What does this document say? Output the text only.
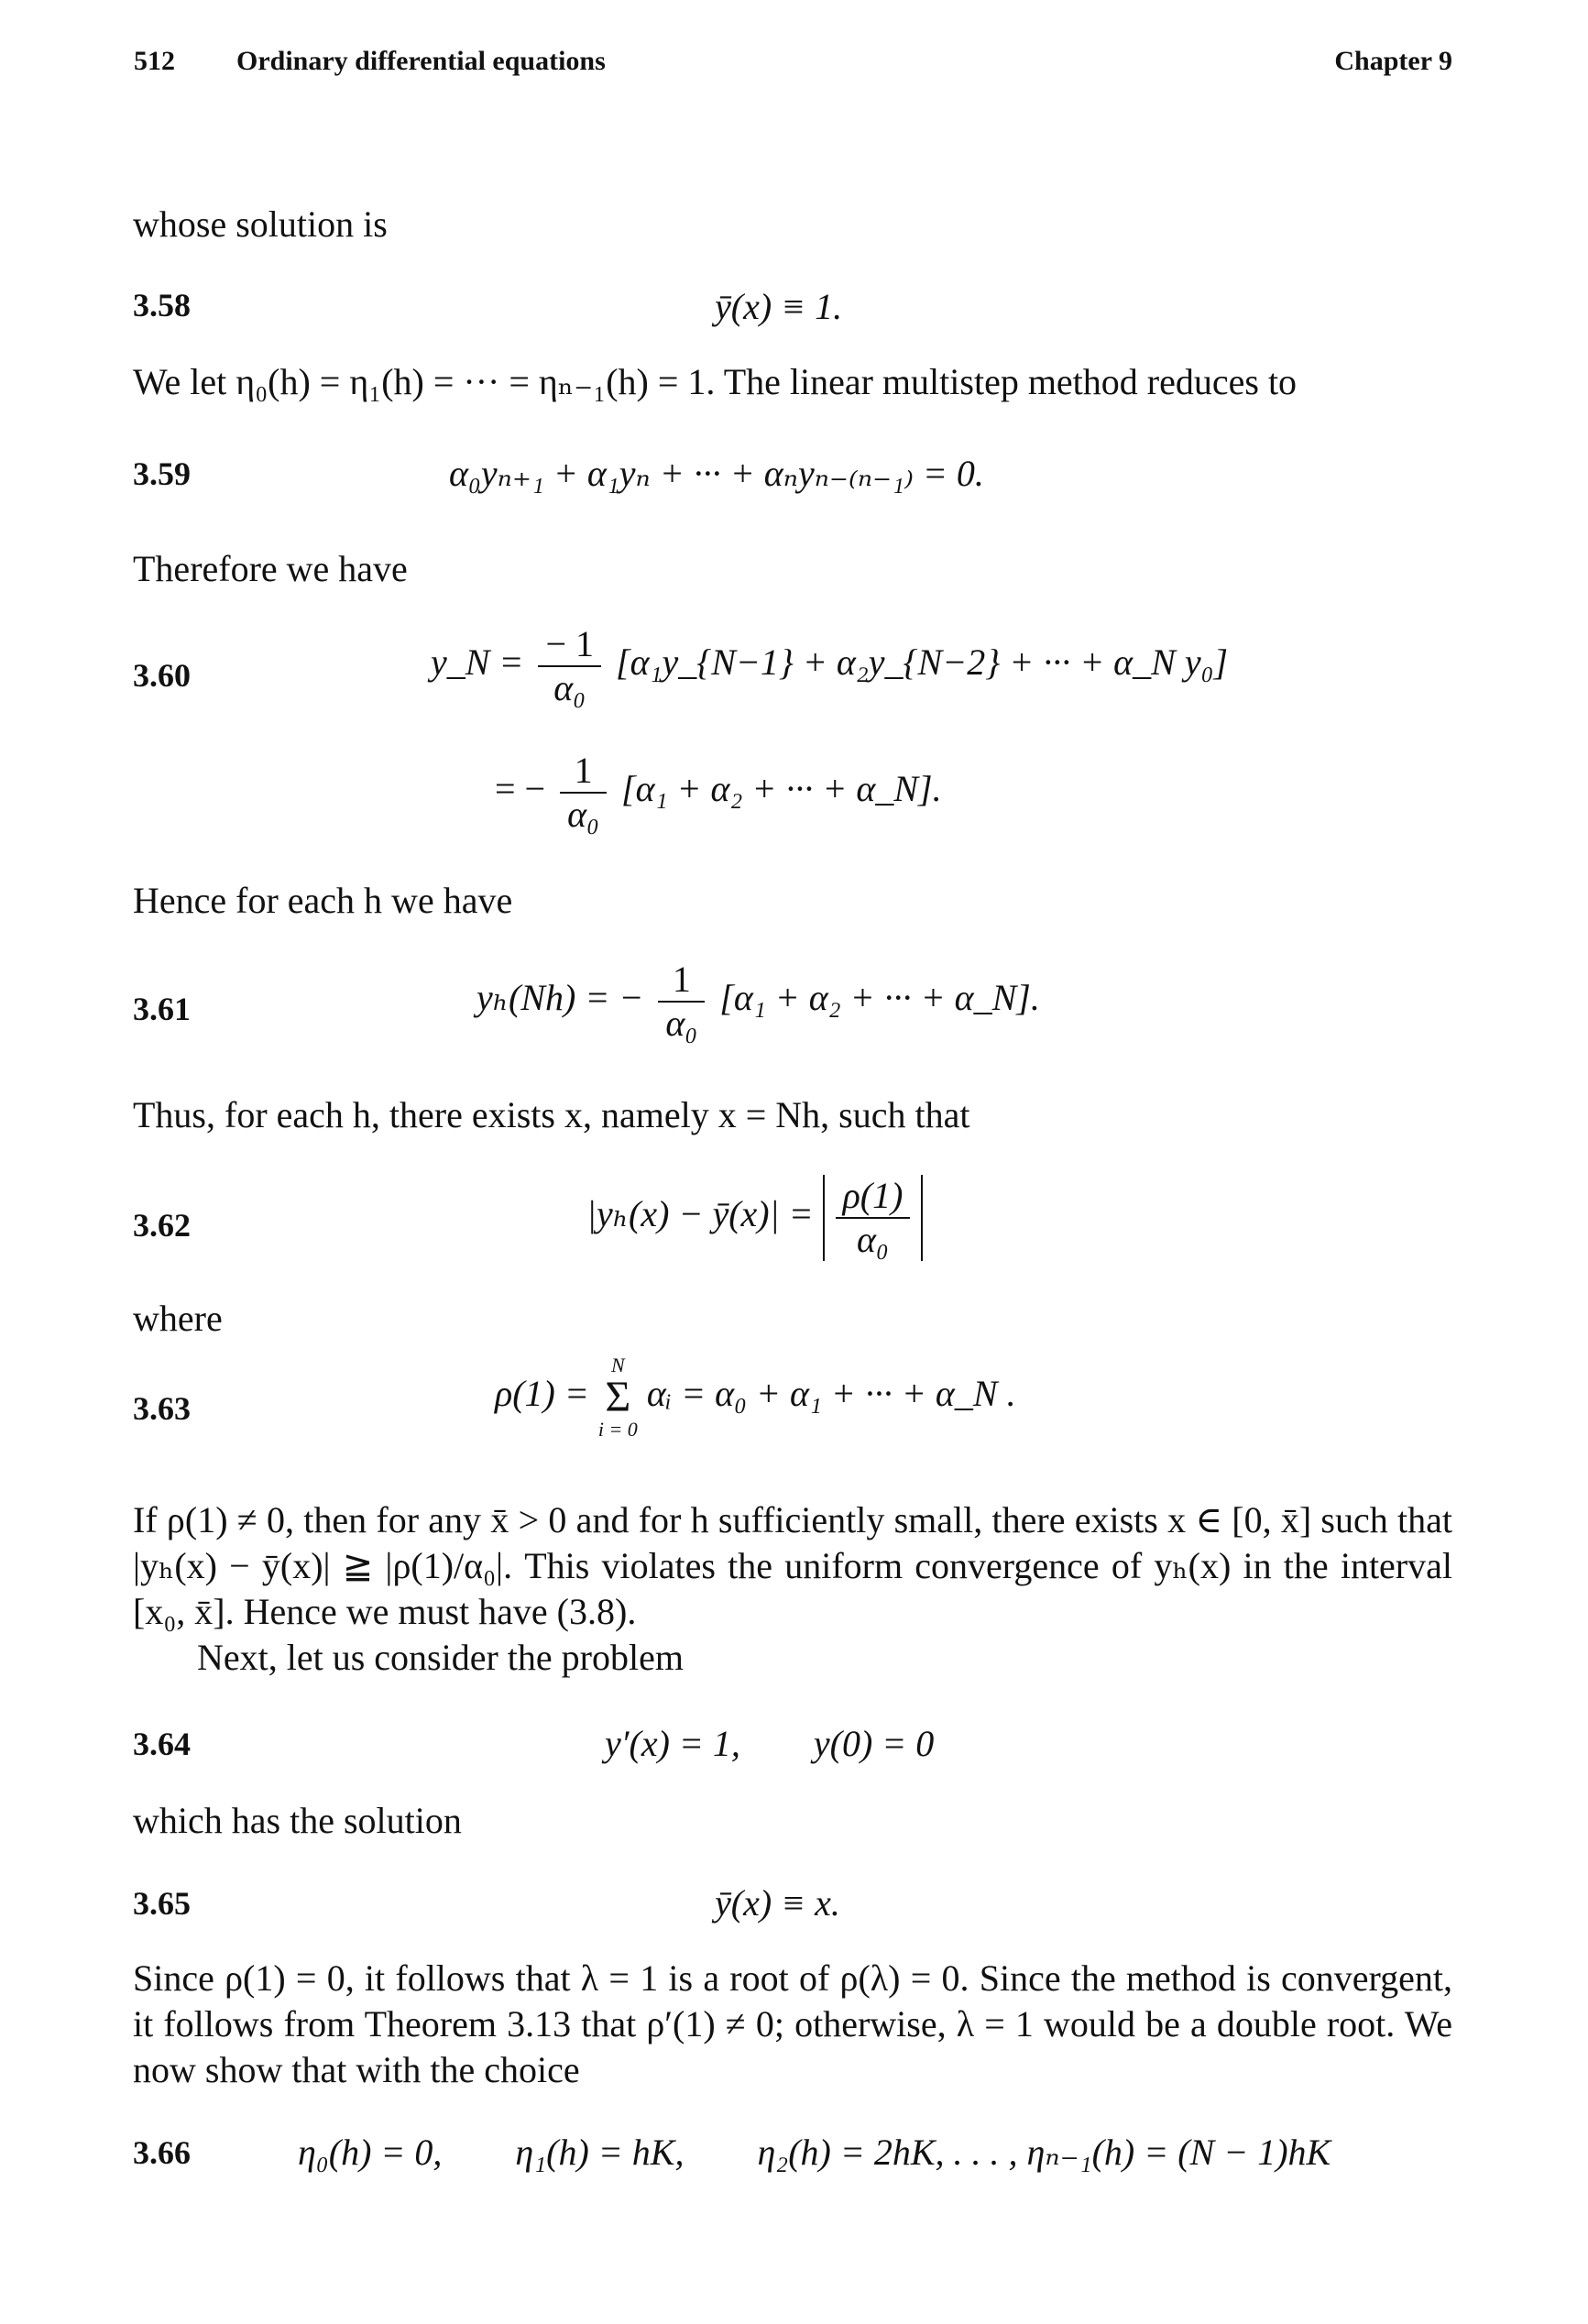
512 Ordinary differential equations	Chapter 9
whose solution is
3.58	ȳ(x) ≡ 1.
We let η₀(h) = η₁(h) = ··· = ηₙ₋₁(h) = 1. The linear multistep method reduces to
3.59	α₀yₙ₊₁ + α₁yₙ + ··· + αₙyₙ₋₍ₙ₋₁₎ = 0.
Therefore we have
3.60	y_N = $\frac{- 1}{\text{α₀}}$ [α₁y_{N−1} + α₂y_{N−2} + ··· + α_N y₀]
= − $\frac{1}{\text{α₀}} [\alpha_1 + \alpha_2$ + ··· + α_N].
Hence for each h we have
3.61	yₕ(Nh) = − $\frac{1}{\text{α₀}} [\alpha_1 + \alpha_2$ + ··· + α_N].
Thus, for each h, there exists x, namely x = Nh, such that
3.62	|yₕ(x) − ȳ(x)| = $\frac{\rho(1)}{\text{α₀}}$
where
3.63	ρ(1) =
N
Σ
i = 0
αᵢ = α₀ + α₁ + ··· + α_N .
If ρ(1) ≠ 0, then for any x̄ > 0 and for h sufficiently small, there exists x ∈ [0, x̄] such that |yₕ(x) − ȳ(x)| ≧ |ρ(1)/α₀|. This violates the uniform convergence of yₕ(x) in the interval [x₀, x̄]. Hence we must have (3.8).
Next, let us consider the problem
3.64	y′(x) = 1,        y(0) = 0
which has the solution
3.65	ȳ(x) ≡ x.
Since ρ(1) = 0, it follows that λ = 1 is a root of ρ(λ) = 0. Since the method is convergent, it follows from Theorem 3.13 that ρ′(1) ≠ 0; otherwise, λ = 1 would be a double root. We now show that with the choice
3.66	η₀(h) = 0,        η₁(h) = hK,        η₂(h) = 2hK, . . . , ηₙ₋₁(h) = (N − 1)hK
